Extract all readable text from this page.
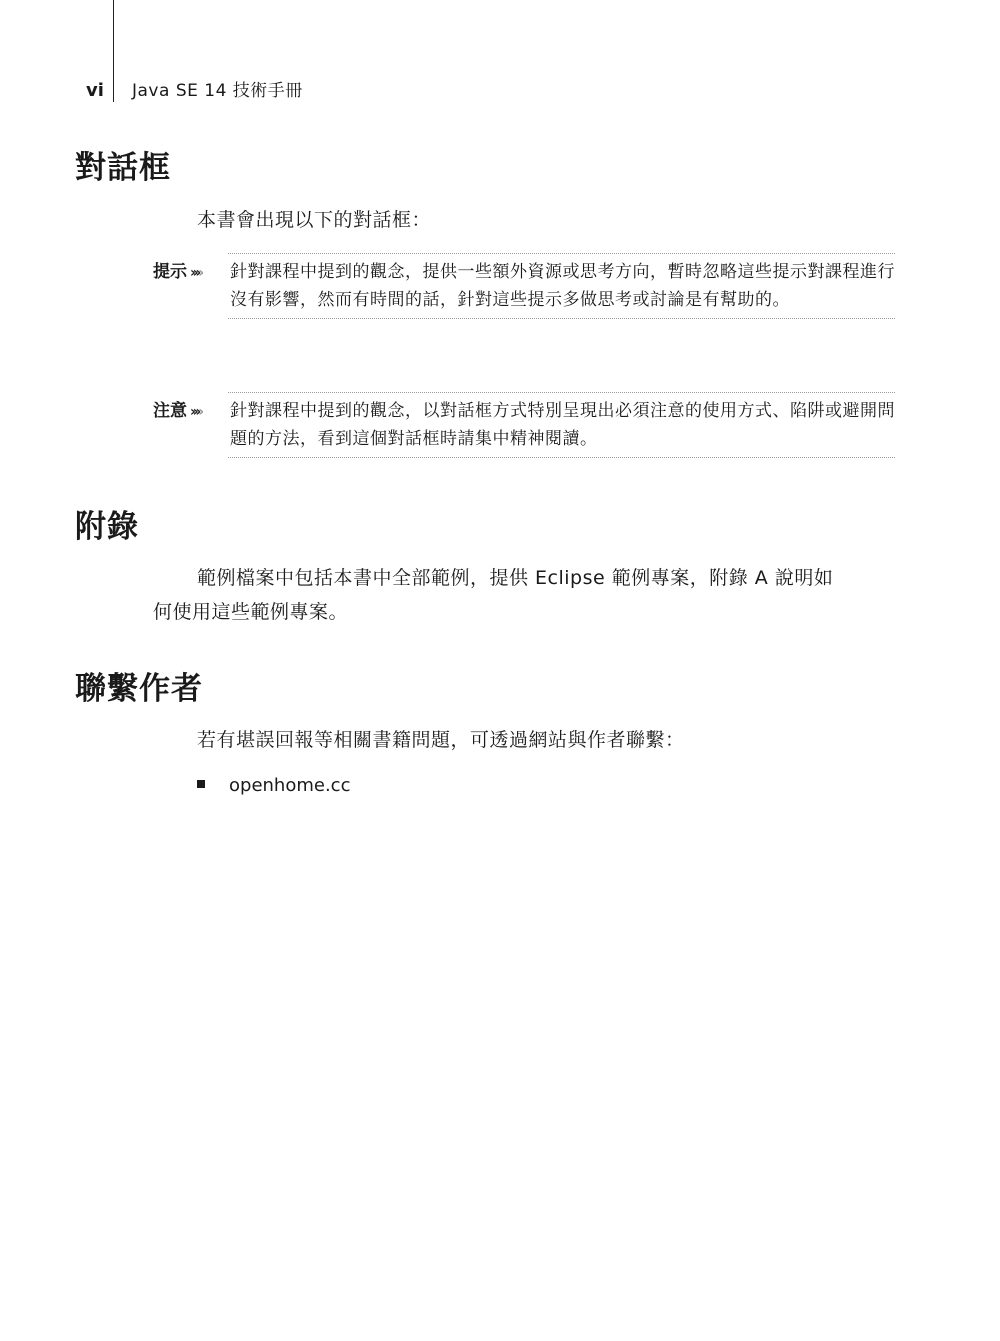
vi Java SE 14 技術手冊
對話框
本書會出現以下的對話框：
提示 ›››› 針對課程中提到的觀念，提供一些額外資源或思考方向，暫時忽略這些提示對課程進行沒有影響，然而有時間的話，針對這些提示多做思考或討論是有幫助的。
注意 ›››› 針對課程中提到的觀念，以對話框方式特別呈現出必須注意的使用方式、陷阱或避開問題的方法，看到這個對話框時請集中精神閱讀。
附錄
範例檔案中包括本書中全部範例，提供 Eclipse 範例專案，附錄 A 說明如
何使用這些範例專案。
聯繫作者
若有堪誤回報等相關書籍問題，可透過網站與作者聯繫：
openhome.cc
